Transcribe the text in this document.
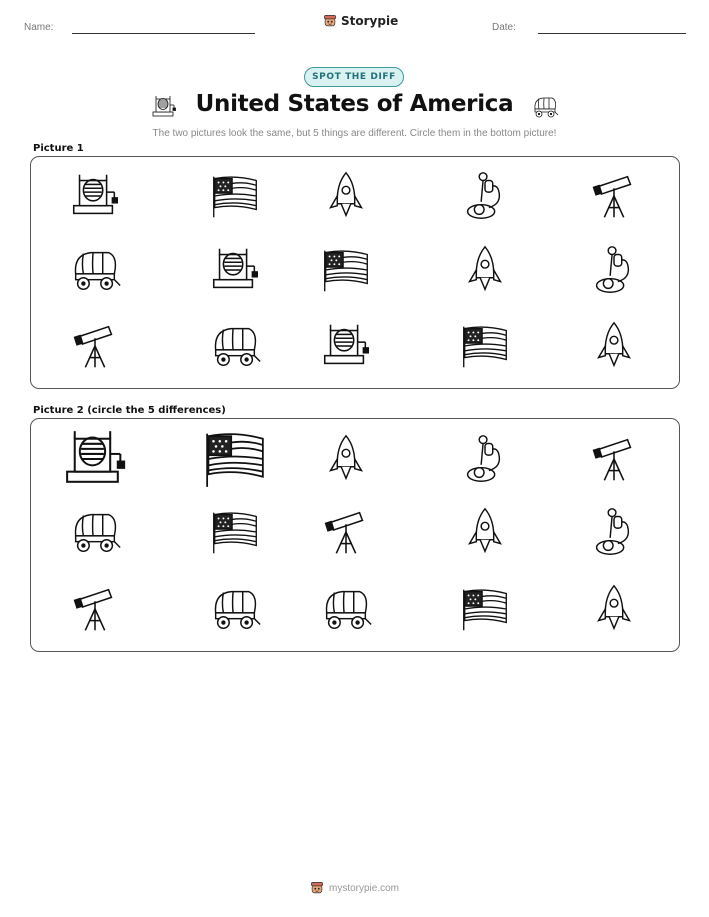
Name:	Storypie	Date:
SPOT THE DIFF
United States of America
The two pictures look the same, but 5 things are different. Circle them in the bottom picture!
Picture 1
Picture 2 (circle the 5 differences)
mystorypie.com
